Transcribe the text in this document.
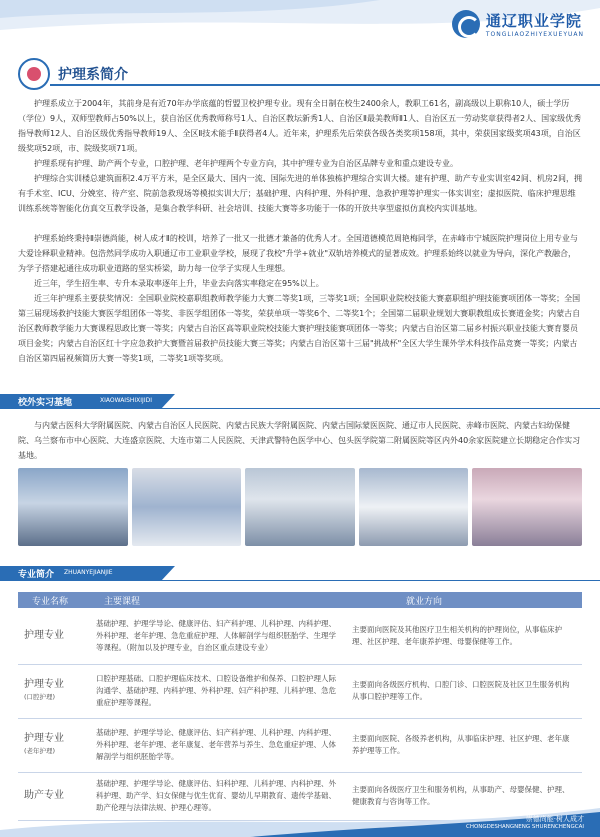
通辽职业学院
TONGLIAOZHIYEXUEYUAN
护理系简介
护理系成立于2004年，其前身是有近70年办学底蕴的哲盟卫校护理专业。现有全日制在校生2400余人，教职工61名，副高级以上职称10人，硕士学历（学位）9人，双师型教师占50%以上，获自治区优秀教师称号1人、自治区教坛新秀1人、自治区Ⅱ最美教师Ⅱ1人、自治区五一劳动奖章获得者2人、国家级优秀指导教师12人、自治区级优秀指导教师19人、全区Ⅱ技术能手Ⅱ获得者4人。近年来，护理系先后荣获各级各类奖项158项，其中，荣获国家级奖项43项，自治区级奖项52项，市、院级奖项71项。
护理系现有护理、助产两个专业，口腔护理、老年护理两个专业方向，其中护理专业为自治区品牌专业和重点建设专业。
护理综合实训楼总建筑面积2.4万平方米，是全区最大、国内一流、国际先进的单体独栋护理综合实训大楼。建有护理、助产专业实训室42间、机房2间，拥有手术室、ICU、分娩室、待产室、院前急救现场等模拟实训大厅；基础护理、内科护理、外科护理、急救护理等护理实一体实训室；虚拟医院、临床护理思维训练系统等智能化仿真交互教学设备，是集合教学科研、社会培训、技能大赛等多功能于一体的开放共享型虚拟仿真校内实训基地。
护理系始终秉持Ⅱ崇德尚能，树人成才Ⅱ的校训，培养了一批又一批德才兼备的优秀人才。全国道德模范周艳梅同学，在赤峰市宁城医院护理岗位上用专业与大爱诠释职业精神。包浩然同学成功入职通辽市工业职业学校，展现了我校"升学+就业"双轨培养模式的显著成效。护理系始终以就业为导向，深化产教融合，为学子搭建起通往成功职业道路的坚实桥梁，助力每一位学子实现人生理想。
近三年，学生招生率、专升本录取率逐年上升，毕业去向落实率稳定在95%以上。
近三年护理系主要获奖情况：全国职业院校嘉职组教师教学能力大赛二等奖1项，三等奖1项；全国职业院校技能大赛嘉职组护理技能赛项团体一等奖；全国第三届现场救护技能大赛医学组团体一等奖、非医学组团体一等奖，荣获单项一等奖6个、二等奖1个；全国第二届职业规划大赛职教组成长赛道金奖；内蒙古自治区教师教学能力大赛课程思政比赛一等奖；内蒙古自治区高等职业院校技能大赛护理技能赛项团体一等奖；内蒙古自治区第二届乡村振兴职业技能大赛育婴员项目金奖；内蒙古自治区红十字应急救护大赛暨首届救护员技能大赛三等奖；内蒙古自治区第十三届"挑战杯"全区大学生课外学术科技作品竞赛一等奖；内蒙古自治区第四届视频简历大赛一等奖1项，二等奖1项等奖项。
校外实习基地	XIAOWAISHIXIJIDI
与内蒙古医科大学附属医院、内蒙古自治区人民医院、内蒙古民族大学附属医院、内蒙古国际蒙医医院、通辽市人民医院、赤峰市医院、内蒙古妇幼保健院、乌兰察布市中心医院、大连盛京医院、大连市第二人民医院、天津武警特色医学中心、包头医学院第二附属医院等区内外40余家医院建立长期稳定合作实习基地。
专业简介 ZHUANYEJIANJIE
专业名称	主要课程	就业方向
护理专业	基础护理、护理学导论、健康评估、妇产科护理、儿科护理、内科护理、外科护理、老年护理、急危重症护理、人体解剖学与组织胚胎学、生理学等课程。（附加以及护理专业，自治区重点建设专业）	主要面向医院及其他医疗卫生相关机构的护理岗位，从事临床护理、社区护理、老年康养护理、母婴保健等工作。
护理专业
(口腔护理)	口腔护理基础、口腔护理临床技术、口腔设备维护和保养、口腔护理人际沟通学、基础护理、内科护理、外科护理、妇产科护理、儿科护理、急危重症护理等课程。	主要面向各级医疗机构、口腔门诊、口腔医院及社区卫生服务机构从事口腔护理等工作。
护理专业
(老年护理)	基础护理、护理学导论、健康评估、妇产科护理、儿科护理、内科护理、外科护理、老年护理、老年康复、老年营养与养生、急危重症护理、人体解剖学与组织胚胎学等。	主要面向医院、各级养老机构，从事临床护理、社区护理、老年康养护理等工作。
助产专业	基础护理、护理学导论、健康评估、妇科护理、儿科护理、内科护理、外科护理、助产学、妇女保健与优生优育、婴幼儿早期教育、遗传学基础、助产伦理与法律法规、护理心理等。	主要面向各级医疗卫生和服务机构，从事助产、母婴保健、护理、健康教育与咨询等工作。
崇德尚能·树人成才
CHONGDESHANGNENG SHURENCHENGCAI
